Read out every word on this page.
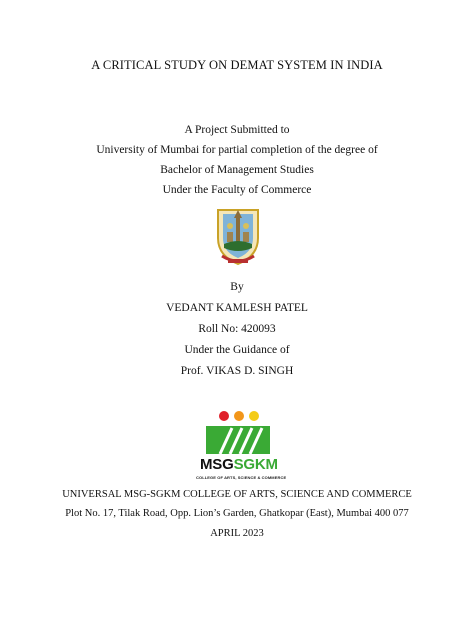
A CRITICAL STUDY ON DEMAT SYSTEM IN INDIA
A Project Submitted to
University of Mumbai for partial completion of the degree of
Bachelor of Management Studies
Under the Faculty of Commerce
By
VEDANT KAMLESH PATEL
Roll No: 420093
Under the Guidance of
Prof. VIKAS D. SINGH
MSGSGKM
COLLEGE OF ARTS, SCIENCE & COMMERCE
UNIVERSAL MSG-SGKM COLLEGE OF ARTS, SCIENCE AND COMMERCE
Plot No. 17, Tilak Road, Opp. Lion’s Garden, Ghatkopar (East), Mumbai 400 077
APRIL 2023
